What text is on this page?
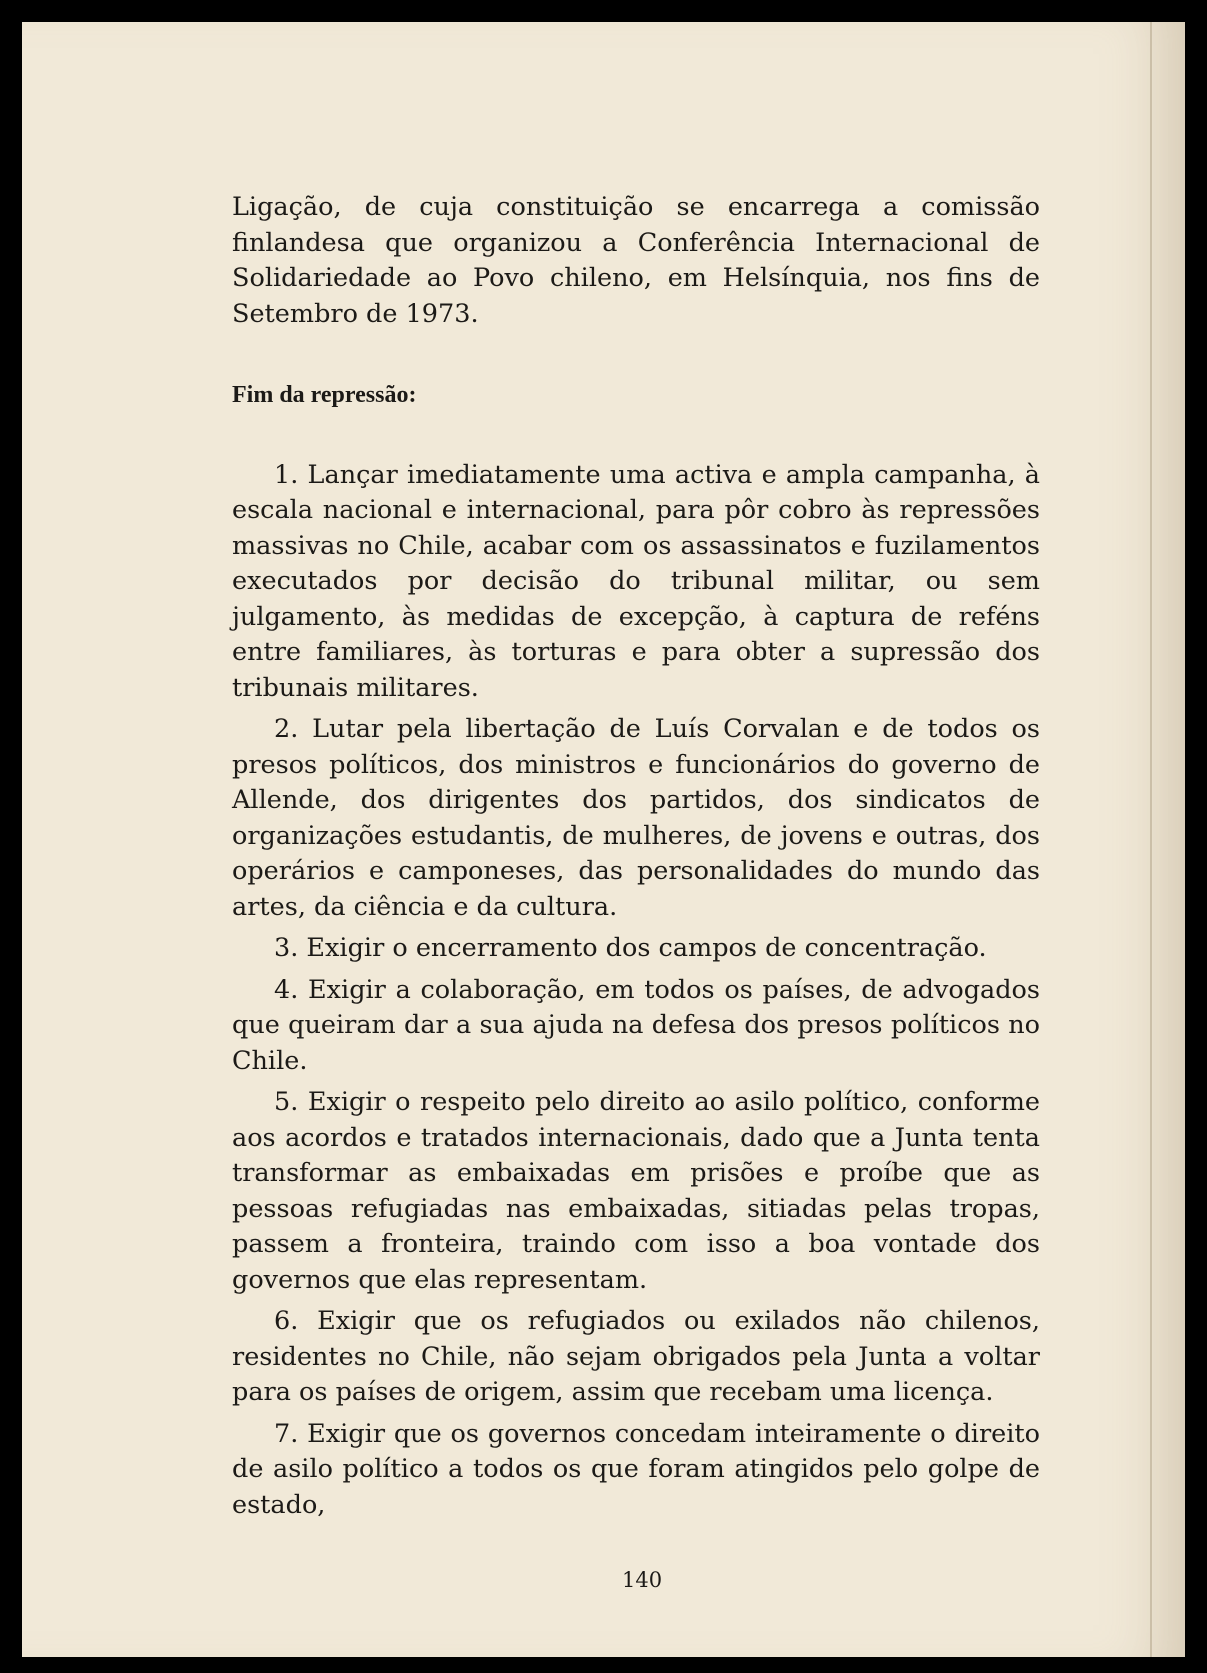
Ligação, de cuja constituição se encarrega a comissão finlandesa que organizou a Conferência Internacional de Solidariedade ao Povo chileno, em Helsínquia, nos fins de Setembro de 1973.

Fim da repressão:

1. Lançar imediatamente uma activa e ampla campanha, à escala nacional e internacional, para pôr cobro às repressões massivas no Chile, acabar com os assassinatos e fuzilamentos executados por decisão do tribunal militar, ou sem julgamento, às medidas de excepção, à captura de reféns entre familiares, às torturas e para obter a supressão dos tribunais militares.

2. Lutar pela libertação de Luís Corvalan e de todos os presos políticos, dos ministros e funcionários do governo de Allende, dos dirigentes dos partidos, dos sindicatos de organizações estudantis, de mulheres, de jovens e outras, dos operários e camponeses, das personalidades do mundo das artes, da ciência e da cultura.

3. Exigir o encerramento dos campos de concentração.

4. Exigir a colaboração, em todos os países, de advogados que queiram dar a sua ajuda na defesa dos presos políticos no Chile.

5. Exigir o respeito pelo direito ao asilo político, conforme aos acordos e tratados internacionais, dado que a Junta tenta transformar as embaixadas em prisões e proíbe que as pessoas refugiadas nas embaixadas, sitiadas pelas tropas, passem a fronteira, traindo com isso a boa vontade dos governos que elas representam.

6. Exigir que os refugiados ou exilados não chilenos, residentes no Chile, não sejam obrigados pela Junta a voltar para os países de origem, assim que recebam uma licença.

7. Exigir que os governos concedam inteiramente o direito de asilo político a todos os que foram atingidos pelo golpe de estado,

140
